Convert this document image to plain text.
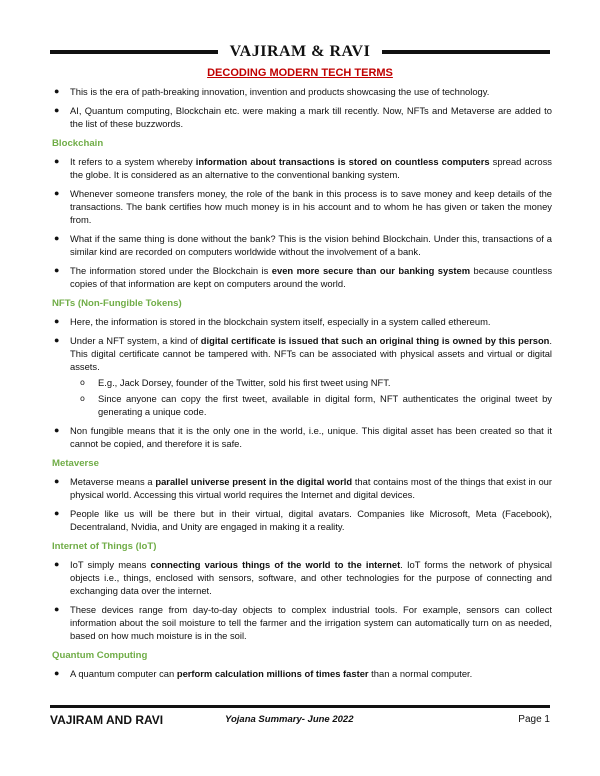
VAJIRAM & RAVI
DECODING MODERN TECH TERMS
● This is the era of path-breaking innovation, invention and products showcasing the use of technology.
● AI, Quantum computing, Blockchain etc. were making a mark till recently. Now, NFTs and Metaverse are added to the list of these buzzwords.
Blockchain
● It refers to a system whereby information about transactions is stored on countless computers spread across the globe. It is considered as an alternative to the conventional banking system.
● Whenever someone transfers money, the role of the bank in this process is to save money and keep details of the transactions. The bank certifies how much money is in his account and to whom he has given or taken the money from.
● What if the same thing is done without the bank? This is the vision behind Blockchain. Under this, transactions of a similar kind are recorded on computers worldwide without the involvement of a bank.
● The information stored under the Blockchain is even more secure than our banking system because countless copies of that information are kept on computers around the world.
NFTs (Non-Fungible Tokens)
● Here, the information is stored in the blockchain system itself, especially in a system called ethereum.
● Under a NFT system, a kind of digital certificate is issued that such an original thing is owned by this person. This digital certificate cannot be tampered with. NFTs can be associated with physical assets and virtual or digital assets.
o E.g., Jack Dorsey, founder of the Twitter, sold his first tweet using NFT.
o Since anyone can copy the first tweet, available in digital form, NFT authenticates the original tweet by generating a unique code.
● Non fungible means that it is the only one in the world, i.e., unique. This digital asset has been created so that it cannot be copied, and therefore it is safe.
Metaverse
● Metaverse means a parallel universe present in the digital world that contains most of the things that exist in our physical world. Accessing this virtual world requires the Internet and digital devices.
● People like us will be there but in their virtual, digital avatars. Companies like Microsoft, Meta (Facebook), Decentraland, Nvidia, and Unity are engaged in making it a reality.
Internet of Things (IoT)
● IoT simply means connecting various things of the world to the internet. IoT forms the network of physical objects i.e., things, enclosed with sensors, software, and other technologies for the purpose of connecting and exchanging data over the internet.
● These devices range from day-to-day objects to complex industrial tools. For example, sensors can collect information about the soil moisture to tell the farmer and the irrigation system can automatically turn on as needed, based on how much moisture is in the soil.
Quantum Computing
● A quantum computer can perform calculation millions of times faster than a normal computer.
VAJIRAM AND RAVI	Yojana Summary- June 2022	Page 1
